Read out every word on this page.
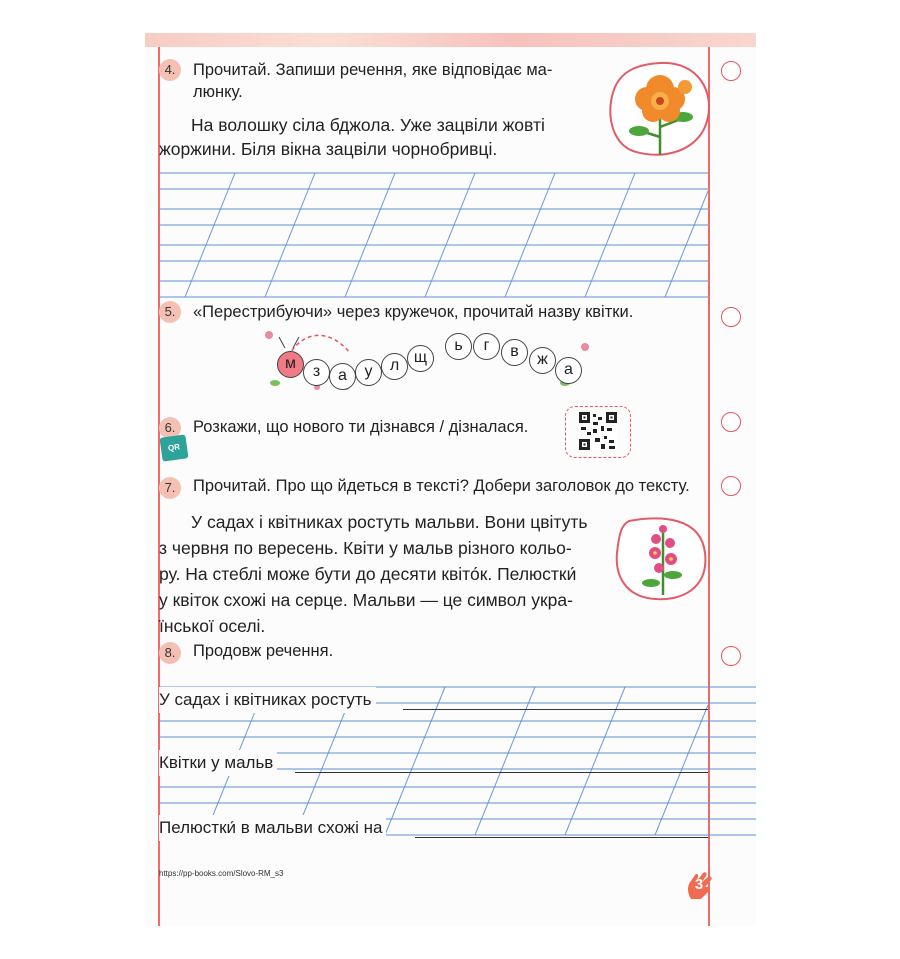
4.	Прочитай. Запиши речення, яке відповідає ма-
люнку.
На волошку сіла бджола. Уже зацвіли жовті
жоржини. Біля вікна зацвіли чорнобривці.
5.	«Перестрибуючи» через кружечок, прочитай назву квітки.
м	з	а	у	л щ
ь	г	в	ж
а
6.	Розкажи, що нового ти дізнався / дізналася.
QR
7.	Прочитай. Про що йдеться в тексті? Добери заголовок до тексту.
У садах і квітниках ростуть мальви. Вони цвітуть
з червня по вересень. Квіти у мальв різного кольо-
ру. На стеблі може бути до десяти квіто́к. Пелюстки́
у квіток схожі на серце. Мальви — це символ укра-
їнської оселі.
8.	Продовж речення.
У садах і квітниках ростуть
Квітки у мальв
Пелюстки́ в мальви схожі на
https://pp-books.com/Slovo-RM_s3
3
